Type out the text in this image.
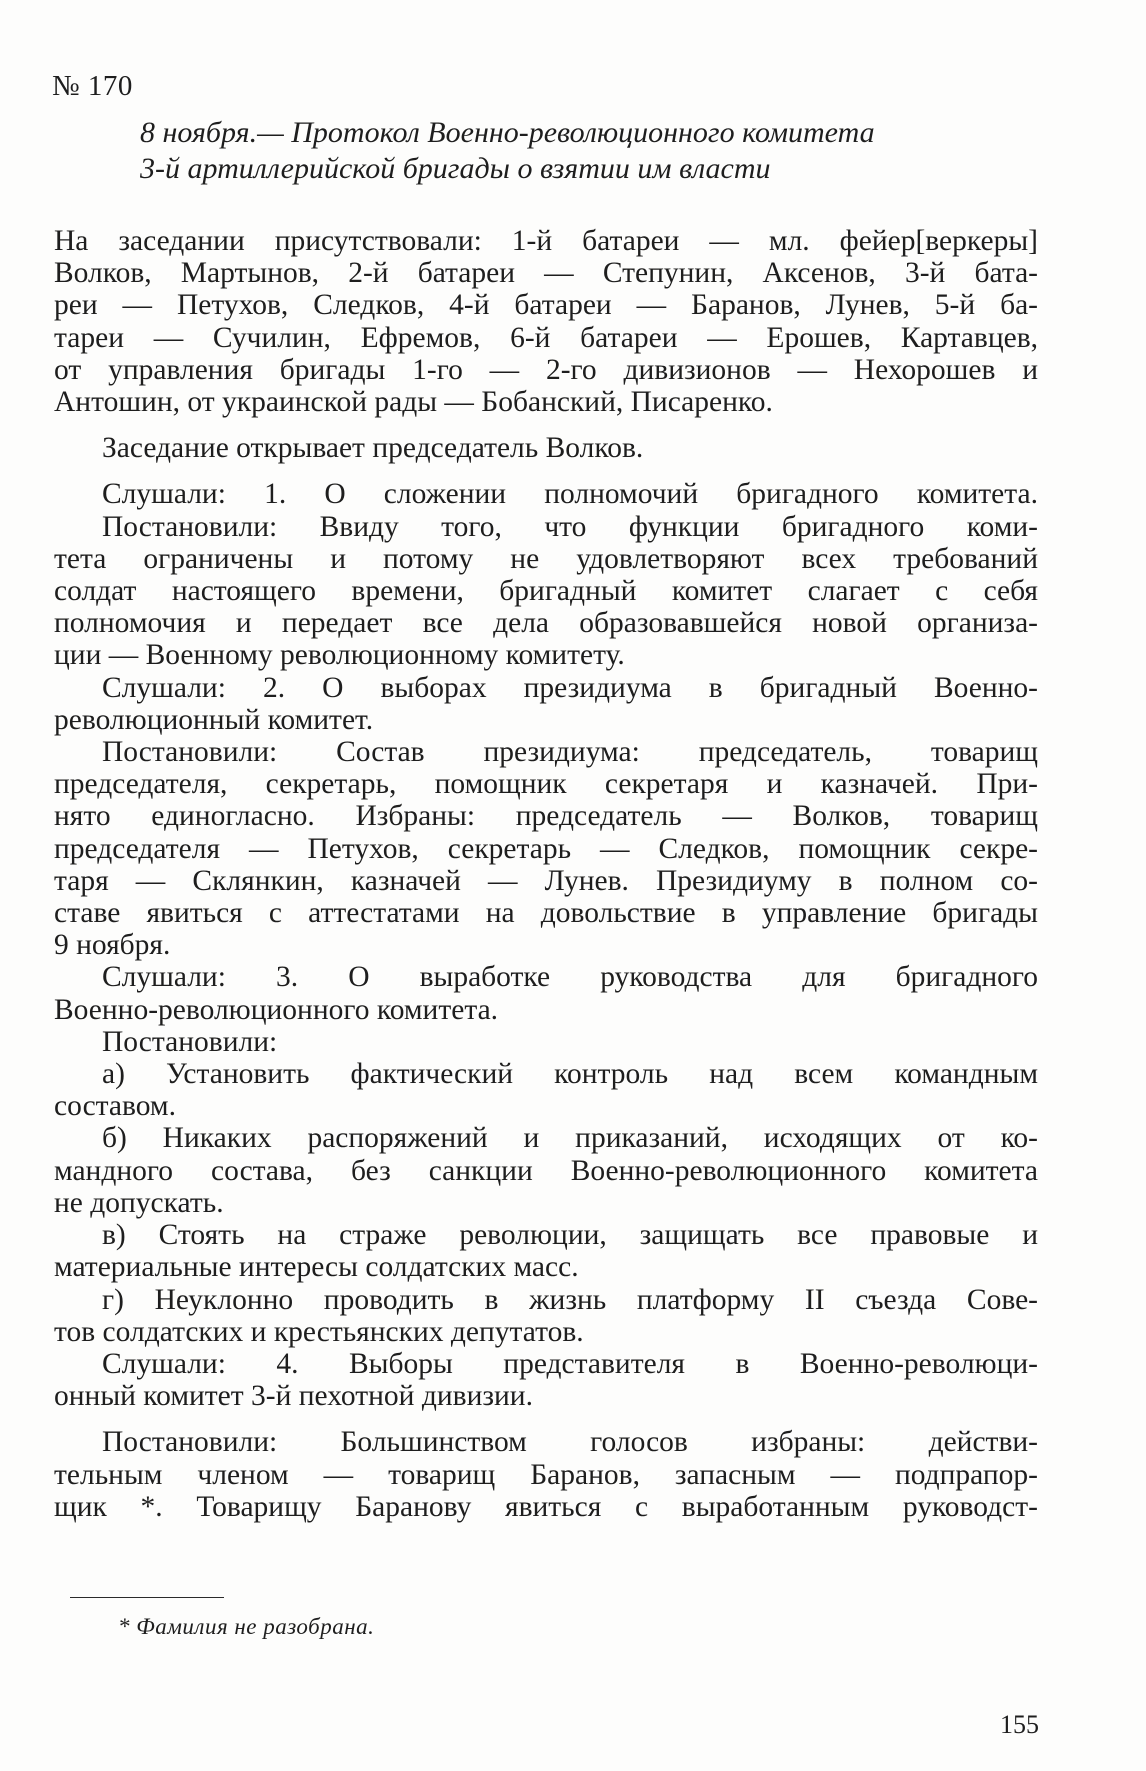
№ 170
8 ноября.— Протокол Военно-революционного комитета
3-й артиллерийской бригады о взятии им власти
На заседании присутствовали: 1-й батареи — мл. фейер[веркеры]
Волков, Мартынов, 2-й батареи — Степунин, Аксенов, 3-й бата-
реи — Петухов, Следков, 4-й батареи — Баранов, Лунев, 5-й ба-
тареи — Сучилин, Ефремов, 6-й батареи — Ерошев, Картавцев,
от управления бригады 1-го — 2-го дивизионов — Нехорошев и
Антошин, от украинской рады — Бобанский, Писаренко.
Заседание открывает председатель Волков.
Слушали: 1. О сложении полномочий бригадного комитета.
Постановили: Ввиду того, что функции бригадного коми-
тета ограничены и потому не удовлетворяют всех требований
солдат настоящего времени, бригадный комитет слагает с себя
полномочия и передает все дела образовавшейся новой организа-
ции — Военному революционному комитету.
Слушали: 2. О выборах президиума в бригадный Военно-
революционный комитет.
Постановили: Состав президиума: председатель, товарищ
председателя, секретарь, помощник секретаря и казначей. При-
нято единогласно. Избраны: председатель — Волков, товарищ
председателя — Петухов, секретарь — Следков, помощник секре-
таря — Склянкин, казначей — Лунев. Президиуму в полном со-
ставе явиться с аттестатами на довольствие в управление бригады
9 ноября.
Слушали: 3. О выработке руководства для бригадного
Военно-революционного комитета.
Постановили:
а) Установить фактический контроль над всем командным
составом.
б) Никаких распоряжений и приказаний, исходящих от ко-
мандного состава, без санкции Военно-революционного комитета
не допускать.
в) Стоять на страже революции, защищать все правовые и
материальные интересы солдатских масс.
г) Неуклонно проводить в жизнь платформу II съезда Сове-
тов солдатских и крестьянских депутатов.
Слушали: 4. Выборы представителя в Военно-революци-
онный комитет 3-й пехотной дивизии.
Постановили: Большинством голосов избраны: действи-
тельным членом — товарищ Баранов, запасным — подпрапор-
щик *. Товарищу Баранову явиться с выработанным руководст-
* Фамилия не разобрана.
155
